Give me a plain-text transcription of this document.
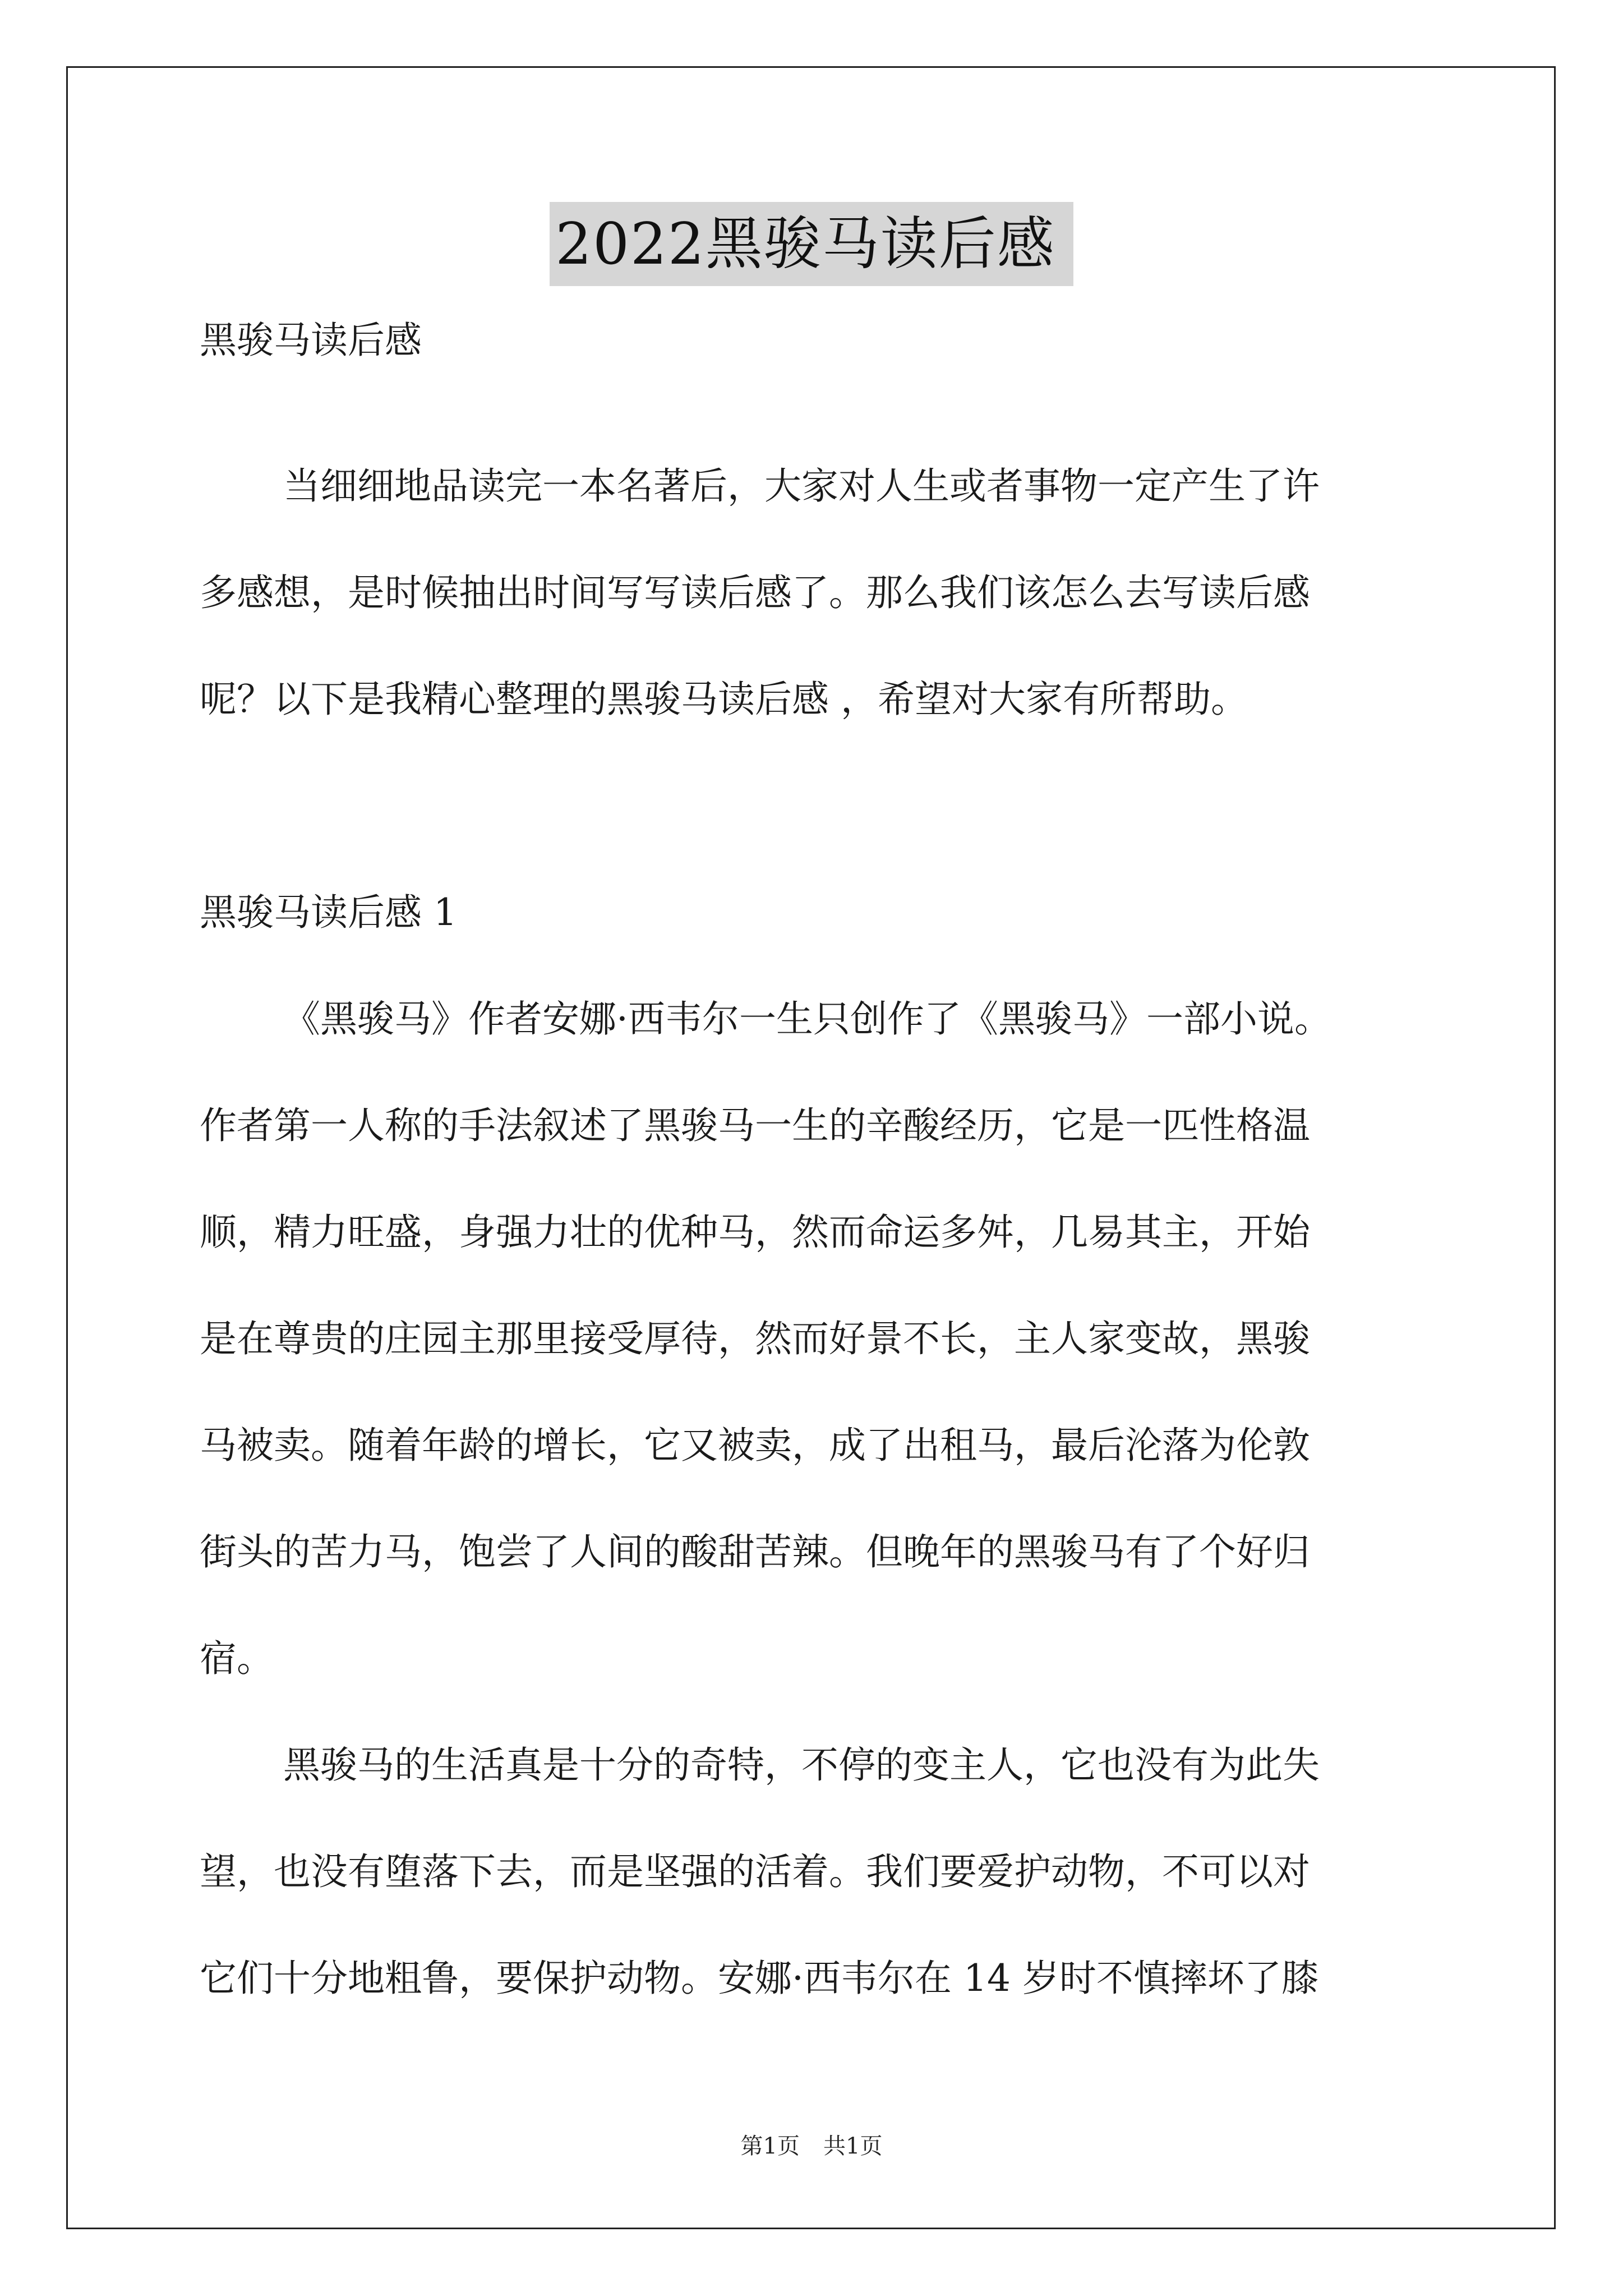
2022黑骏马读后感
黑骏马读后感
当细细地品读完一本名著后，大家对人生或者事物一定产生了许
多感想，是时候抽出时间写写读后感了。那么我们该怎么去写读后感
呢？以下是我精心整理的黑骏马读后感 ，希望对大家有所帮助。
黑骏马读后感 1
《黑骏马》作者安娜·西韦尔一生只创作了《黑骏马》一部小说。
作者第一人称的手法叙述了黑骏马一生的辛酸经历，它是一匹性格温
顺，精力旺盛，身强力壮的优种马，然而命运多舛，几易其主，开始
是在尊贵的庄园主那里接受厚待，然而好景不长，主人家变故，黑骏
马被卖。随着年龄的增长，它又被卖，成了出租马，最后沦落为伦敦
街头的苦力马，饱尝了人间的酸甜苦辣。但晚年的黑骏马有了个好归
宿。
黑骏马的生活真是十分的奇特，不停的变主人，它也没有为此失
望，也没有堕落下去，而是坚强的活着。我们要爱护动物，不可以对
它们十分地粗鲁，要保护动物。安娜·西韦尔在 14 岁时不慎摔坏了膝
第1页 共1页
